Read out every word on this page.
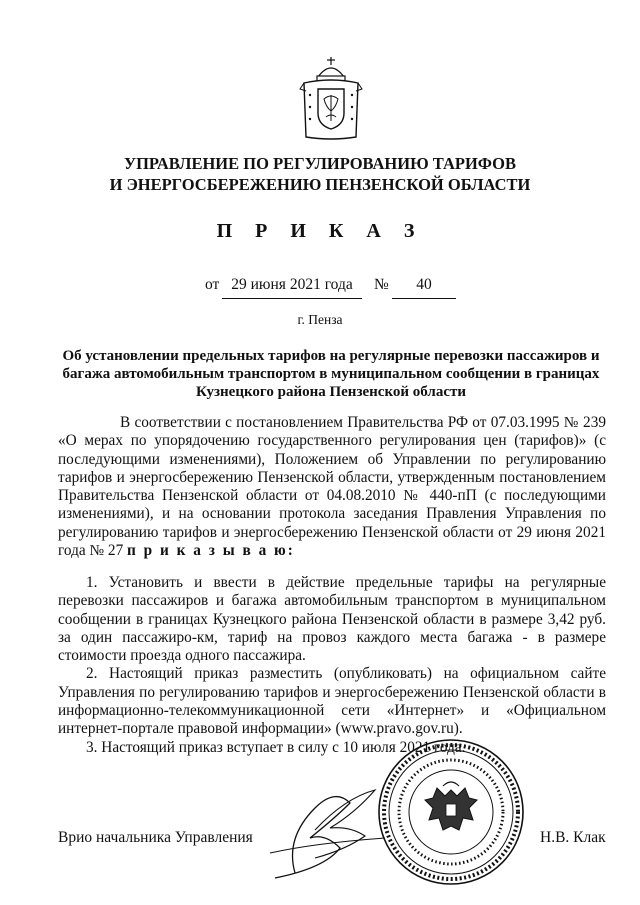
УПРАВЛЕНИЕ ПО РЕГУЛИРОВАНИЮ ТАРИФОВ
И ЭНЕРГОСБЕРЕЖЕНИЮ ПЕНЗЕНСКОЙ ОБЛАСТИ
П Р И К А З
от 29 июня 2021 года	№	40
г. Пенза
Об установлении предельных тарифов на регулярные перевозки пассажиров и багажа автомобильным транспортом в муниципальном сообщении в границах Кузнецкого района Пензенской области

В соответствии с постановлением Правительства РФ от 07.03.1995 № 239 «О мерах по упорядочению государственного регулирования цен (тарифов)» (с последующими изменениями), Положением об Управлении по регулированию тарифов и энергосбережению Пензенской области, утвержденным постановлением Правительства Пензенской области от 04.08.2010 № 440-пП (с последующими изменениями), и на основании протокола заседания Правления Управления по регулированию тарифов и энергосбережению Пензенской области от 29 июня 2021 года № 27 п р и к а з ы в а ю:

1. Установить и ввести в действие предельные тарифы на регулярные перевозки пассажиров и багажа автомобильным транспортом в муниципальном сообщении в границах Кузнецкого района Пензенской области в размере 3,42 руб. за один пассажиро-км, тариф на провоз каждого места багажа - в размере стоимости проезда одного пассажира.

2. Настоящий приказ разместить (опубликовать) на официальном сайте Управления по регулированию тарифов и энергосбережению Пензенской области в информационно-телекоммуникационной сети «Интернет» и «Официальном интернет-портале правовой информации» (www.pravo.gov.ru).

3. Настоящий приказ вступает в силу с 10 июля 2021 года.

Врио начальника Управления	Н.В. Клак
